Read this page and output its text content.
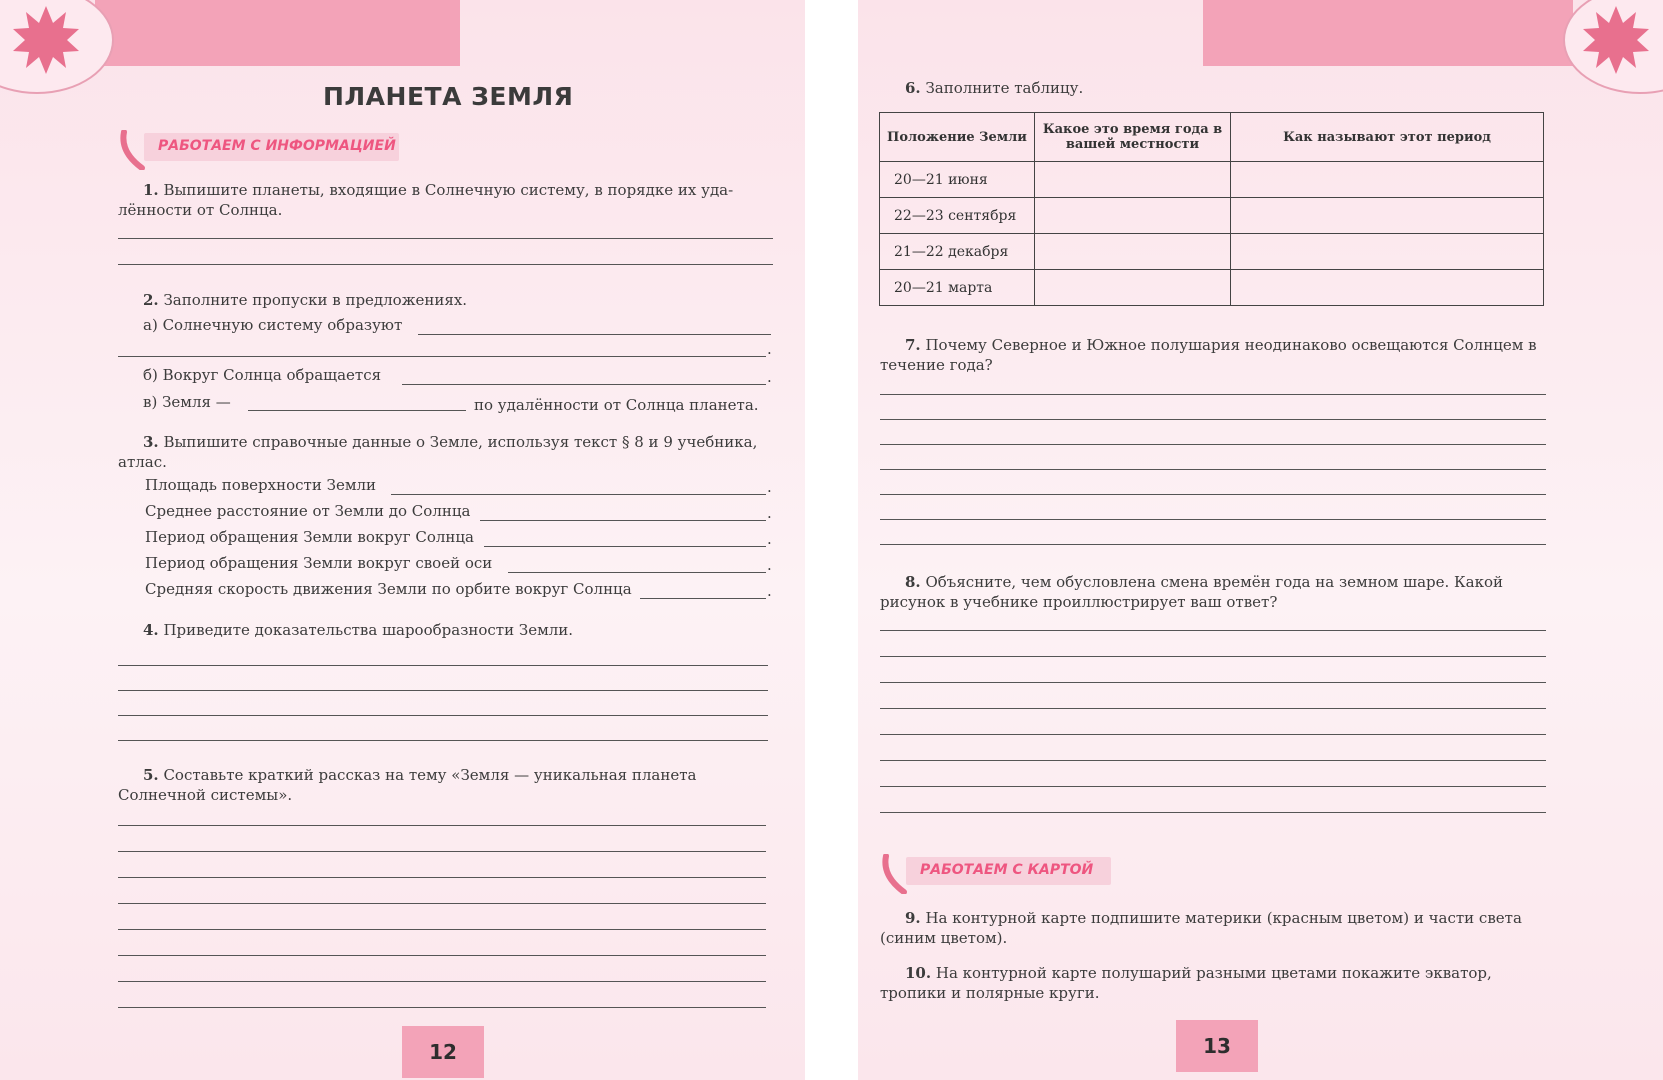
ПЛАНЕТА ЗЕМЛЯ
РАБОТАЕМ С ИНФОРМАЦИЕЙ
1. Выпишите планеты, входящие в Солнечную систему, в порядке их уда-лённости от Солнца.
2. Заполните пропуски в предложениях.
а) Солнечную систему образуют
.
б) Вокруг Солнца обращается	.
в) Земля —	по удалённости от Солнца планета.
3. Выпишите справочные данные о Земле, используя текст § 8 и 9 учебника, атлас.
Площадь поверхности Земли	.
Среднее расстояние от Земли до Солнца	.
Период обращения Земли вокруг Солнца	.
Период обращения Земли вокруг своей оси	.
Средняя скорость движения Земли по орбите вокруг Солнца	.
4. Приведите доказательства шарообразности Земли.
5. Составьте краткий рассказ на тему «Земля — уникальная планета Солнечной системы».
12
6. Заполните таблицу.
Положение Земли	Какое это время года в вашей местности	Как называют этот период
20—21 июня		
22—23 сентября		
21—22 декабря		
20—21 марта		
7. Почему Северное и Южное полушария неодинаково освещаются Солнцем в течение года?
8. Объясните, чем обусловлена смена времён года на земном шаре. Какой рисунок в учебнике проиллюстрирует ваш ответ?
РАБОТАЕМ С КАРТОЙ
9. На контурной карте подпишите материки (красным цветом) и части света (синим цветом).
10. На контурной карте полушарий разными цветами покажите экватор, тропики и полярные круги.
13
